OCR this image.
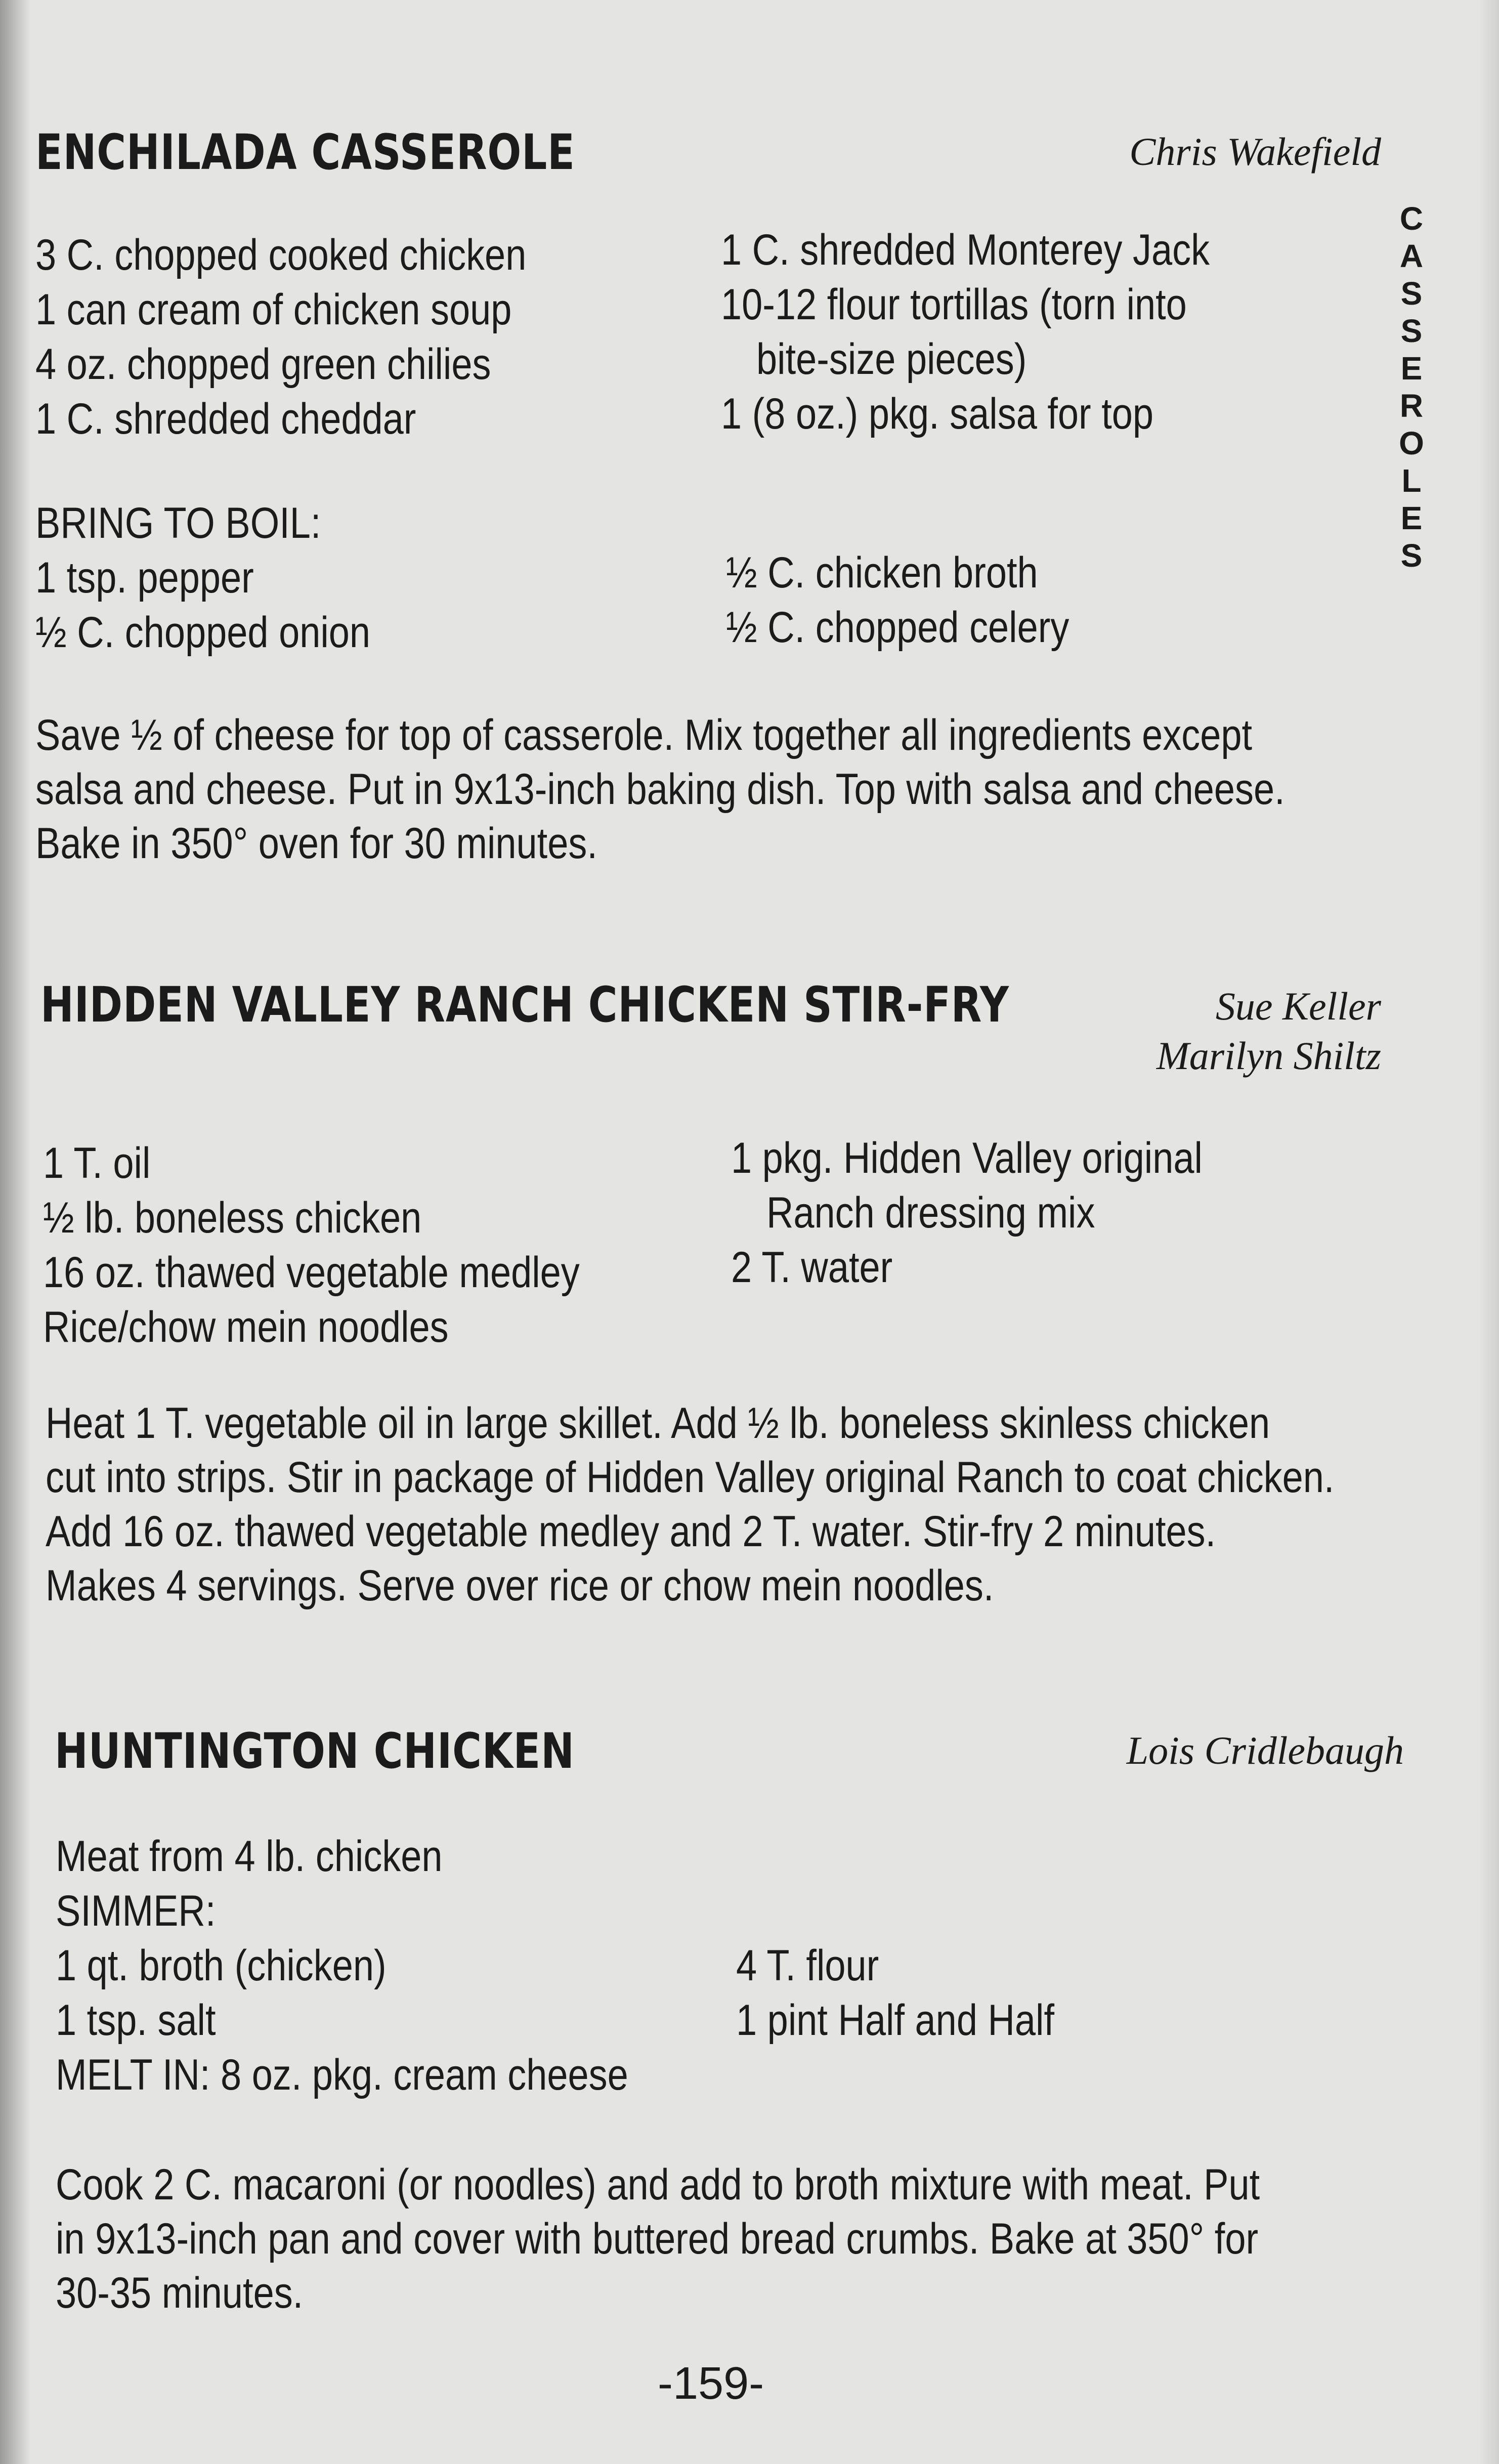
C
A
S
S
E
R
O
L
E
S
ENCHILADA CASSEROLE	Chris Wakefield

3 C. chopped cooked chicken

1 can cream of chicken soup

4 oz. chopped green chilies

1 C. shredded cheddar

1 C. shredded Monterey Jack

10-12 flour tortillas (torn into

bite-size pieces)

1 (8 oz.) pkg. salsa for top

BRING TO BOIL:

1 tsp. pepper

½ C. chopped onion

½ C. chicken broth

½ C. chopped celery

Save ½ of cheese for top of casserole. Mix together all ingredients except
salsa and cheese. Put in 9x13-inch baking dish. Top with salsa and cheese.
Bake in 350° oven for 30 minutes.
HIDDEN VALLEY RANCH CHICKEN STIR-FRY	Sue Keller

Marilyn Shiltz

1 T. oil

½ lb. boneless chicken

16 oz. thawed vegetable medley

Rice/chow mein noodles

1 pkg. Hidden Valley original

Ranch dressing mix

2 T. water

Heat 1 T. vegetable oil in large skillet. Add ½ lb. boneless skinless chicken
cut into strips. Stir in package of Hidden Valley original Ranch to coat chicken.
Add 16 oz. thawed vegetable medley and 2 T. water. Stir-fry 2 minutes.
Makes 4 servings. Serve over rice or chow mein noodles.
HUNTINGTON CHICKEN	Lois Cridlebaugh

Meat from 4 lb. chicken

SIMMER:

1 qt. broth (chicken)

1 tsp. salt

4 T. flour

1 pint Half and Half

MELT IN: 8 oz. pkg. cream cheese

Cook 2 C. macaroni (or noodles) and add to broth mixture with meat. Put
in 9x13-inch pan and cover with buttered bread crumbs. Bake at 350° for
30-35 minutes.
-159-
